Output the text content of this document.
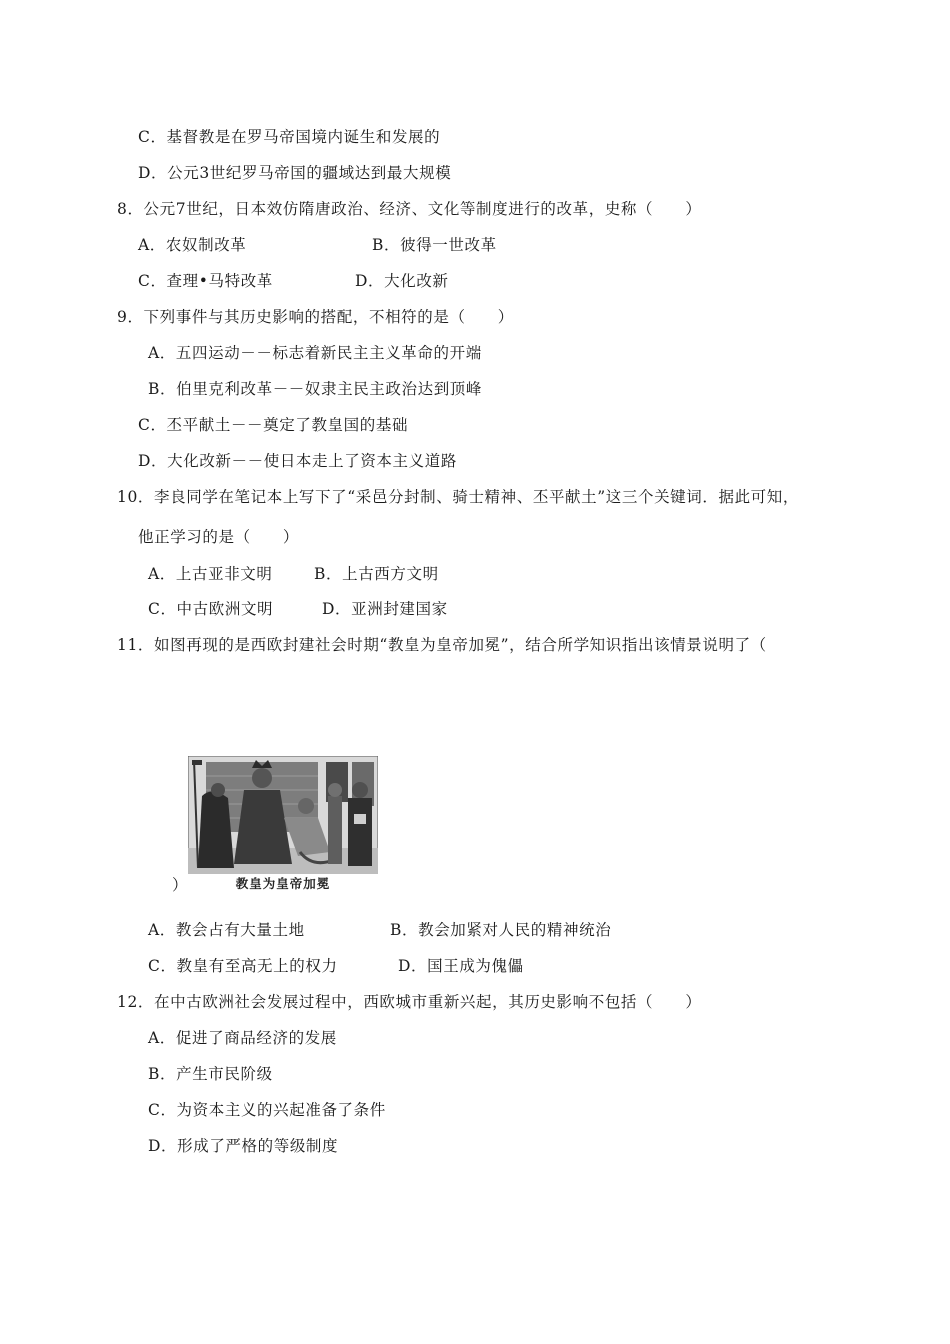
C．基督教是在罗马帝国境内诞生和发展的
D．公元3世纪罗马帝国的疆域达到最大规模
8．公元7世纪，日本效仿隋唐政治、经济、文化等制度进行的改革，史称（　　）
A．农奴制改革	B．彼得一世改革
C．查理•马特改革	D．大化改新
9．下列事件与其历史影响的搭配，不相符的是（　　）
A．五四运动－－标志着新民主主义革命的开端
B．伯里克利改革－－奴隶主民主政治达到顶峰
C．丕平献土－－奠定了教皇国的基础
D．大化改新－－使日本走上了资本主义道路
10．李良同学在笔记本上写下了“采邑分封制、骑士精神、丕平献土”这三个关键词．据此可知，
他正学习的是（　　）
A．上古亚非文明	B．上古西方文明
C．中古欧洲文明	D．亚洲封建国家
11．如图再现的是西欧封建社会时期“教皇为皇帝加冕”，结合所学知识指出该情景说明了（
教皇为皇帝加冕
）
A．教会占有大量土地	B．教会加紧对人民的精神统治
C．教皇有至高无上的权力	D．国王成为傀儡
12．在中古欧洲社会发展过程中，西欧城市重新兴起，其历史影响不包括（　　）
A．促进了商品经济的发展
B．产生市民阶级
C．为资本主义的兴起准备了条件
D．形成了严格的等级制度
